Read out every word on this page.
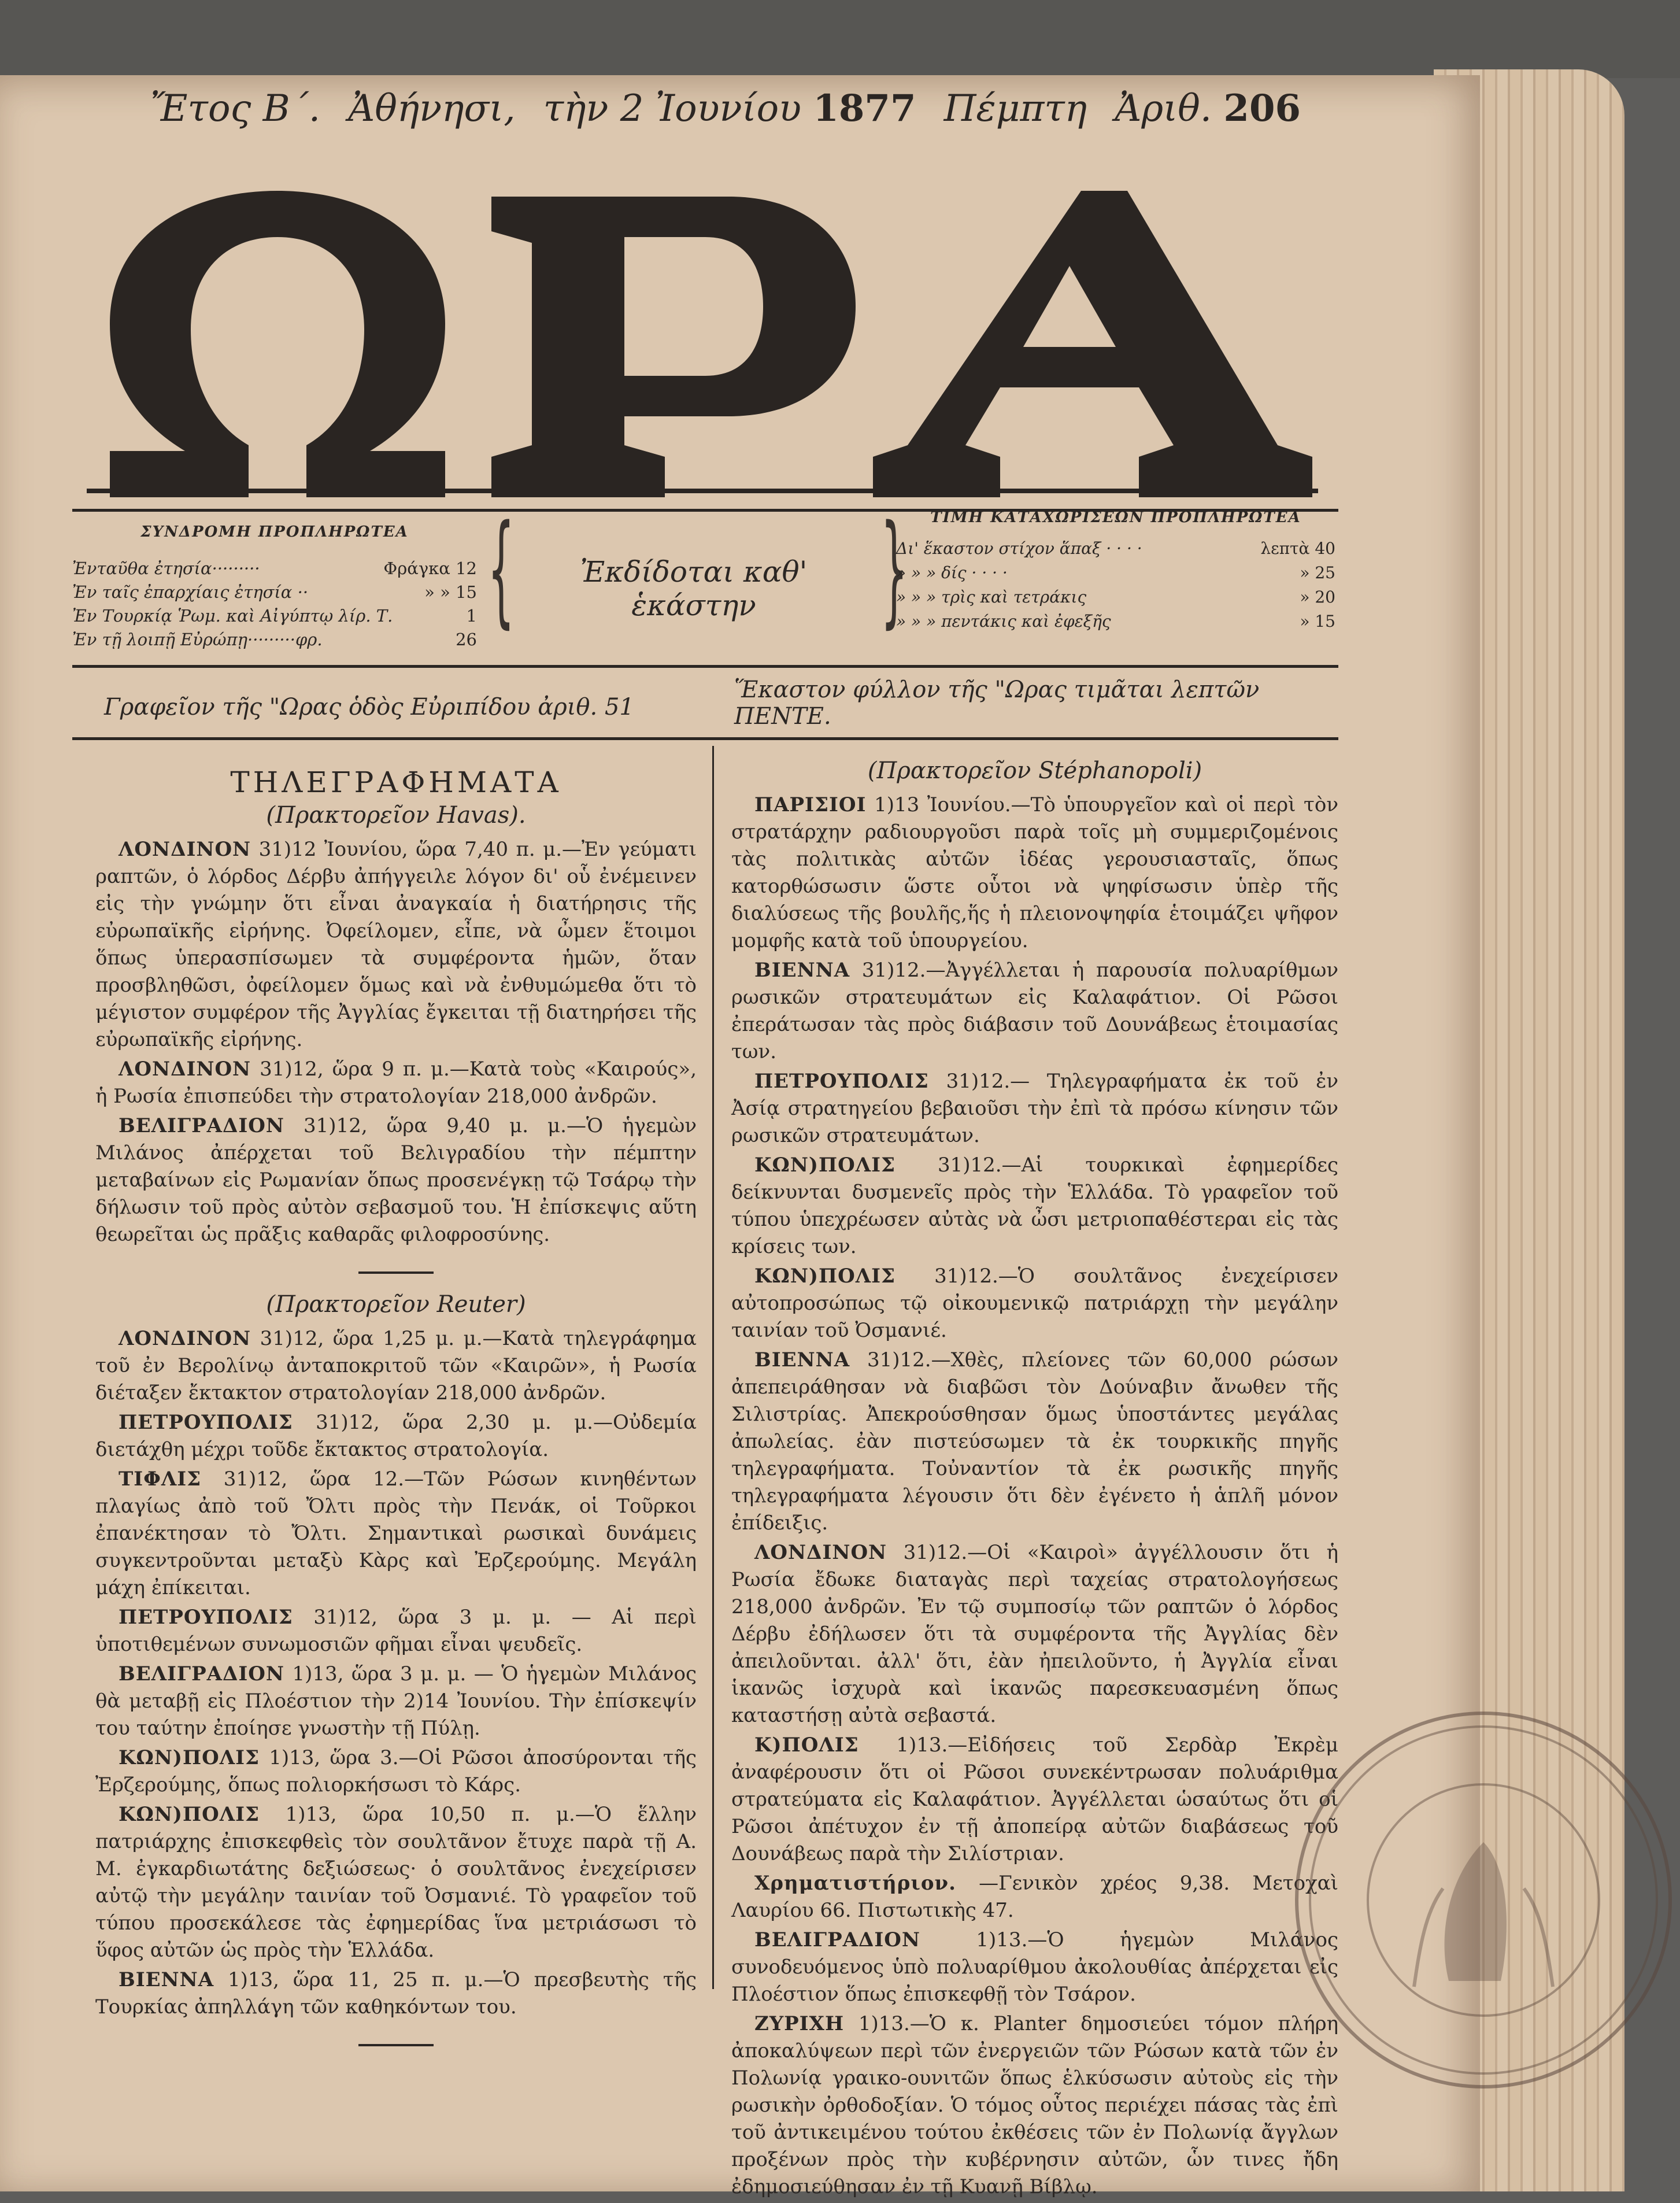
Ἔτος Β΄. Ἀθήνησι, τὴν 2 Ἰουνίου 1877 Πέμπτη Ἀριθ. 206
ΣΥΝΔΡΟΜΗ ΠΡΟΠΛΗΡΩΤΕΑ
Ἐνταῦθα ἐτησία·········	Φράγκα 12
Ἐν ταῖς ἐπαρχίαις ἐτησία ··	» » 15
Ἐν Τουρκίᾳ Ῥωμ. καὶ Αἰγύπτῳ λίρ. Τ.	1
Ἐν τῇ λοιπῇ Εὐρώπῃ·········φρ.	26 {	Ἐκδίδοται καθ' ἑκάστην	}	ΤΙΜΗ ΚΑΤΑΧΩΡΙΣΕΩΝ ΠΡΟΠΛΗΡΩΤΕΑ
Δι' ἕκαστον στίχον ἅπαξ · · · ·	λεπτὰ 40
» » » δίς · · · ·	» 25
» » » τρὶς καὶ τετράκις	» 20
» » » πεντάκις καὶ ἐφεξῆς	» 15
Γραφεῖον τῆς "Ωρας ὁδὸς Εὐριπίδου ἀριθ. 51
Ἕκαστον φύλλον τῆς "Ωρας τιμᾶται λεπτῶν ΠΕΝΤΕ.
ΤΗΛΕΓΡΑΦΗΜΑΤΑ
(Πρακτορεῖον Havas).

ΛΟΝΔΙΝΟΝ 31)12 Ἰουνίου, ὥρα 7,40 π. μ.—Ἐν γεύματι ραπτῶν, ὁ λόρδος Δέρβυ ἀπήγγειλε λόγον δι' οὗ ἐνέμεινεν εἰς τὴν γνώμην ὅτι εἶναι ἀναγκαία ἡ διατήρησις τῆς εὐρωπαϊκῆς εἰρήνης. Ὀφείλομεν, εἶπε, νὰ ὦμεν ἕτοιμοι ὅπως ὑπερασπίσωμεν τὰ συμφέροντα ἡμῶν, ὅταν προσβληθῶσι, ὀφείλομεν ὅμως καὶ νὰ ἐνθυμώμεθα ὅτι τὸ μέγιστον συμφέρον τῆς Ἀγγλίας ἔγκειται τῇ διατηρήσει τῆς εὐρωπαϊκῆς εἰρήνης.

ΛΟΝΔΙΝΟΝ 31)12, ὥρα 9 π. μ.—Κατὰ τοὺς «Καιρούς», ἡ Ρωσία ἐπισπεύδει τὴν στρατολογίαν 218,000 ἀνδρῶν.

ΒΕΛΙΓΡΑΔΙΟΝ 31)12, ὥρα 9,40 μ. μ.—Ὁ ἡγεμὼν Μιλάνος ἀπέρχεται τοῦ Βελιγραδίου τὴν πέμπτην μεταβαίνων εἰς Ρωμανίαν ὅπως προσενέγκῃ τῷ Τσάρῳ τὴν δήλωσιν τοῦ πρὸς αὐτὸν σεβασμοῦ του. Ἡ ἐπίσκεψις αὕτη θεωρεῖται ὡς πρᾶξις καθαρᾶς φιλοφροσύνης.

(Πρακτορεῖον Reuter)

ΛΟΝΔΙΝΟΝ 31)12, ὥρα 1,25 μ. μ.—Κατὰ τηλεγράφημα τοῦ ἐν Βερολίνῳ ἀνταποκριτοῦ τῶν «Καιρῶν», ἡ Ρωσία διέταξεν ἔκτακτον στρατολογίαν 218,000 ἀνδρῶν.

ΠΕΤΡΟΥΠΟΛΙΣ 31)12, ὥρα 2,30 μ. μ.—Οὐδεμία διετάχθη μέχρι τοῦδε ἔκτακτος στρατολογία.

ΤΙΦΛΙΣ 31)12, ὥρα 12.—Τῶν Ρώσων κινηθέντων πλαγίως ἀπὸ τοῦ Ὄλτι πρὸς τὴν Πενάκ, οἱ Τοῦρκοι ἐπανέκτησαν τὸ Ὄλτι. Σημαντικαὶ ρωσικαὶ δυνάμεις συγκεντροῦνται μεταξὺ Κὰρς καὶ Ἐρζερούμης. Μεγάλη μάχη ἐπίκειται.

ΠΕΤΡΟΥΠΟΛΙΣ 31)12, ὥρα 3 μ. μ. — Αἱ περὶ ὑποτιθεμένων συνωμοσιῶν φῆμαι εἶναι ψευδεῖς.

ΒΕΛΙΓΡΑΔΙΟΝ 1)13, ὥρα 3 μ. μ. — Ὁ ἡγεμὼν Μιλάνος θὰ μεταβῇ εἰς Πλοέστιον τὴν 2)14 Ἰουνίου. Τὴν ἐπίσκεψίν του ταύτην ἐποίησε γνωστὴν τῇ Πύλῃ.

ΚΩΝ)ΠΟΛΙΣ 1)13, ὥρα 3.—Οἱ Ρῶσοι ἀποσύρονται τῆς Ἐρζερούμης, ὅπως πολιορκήσωσι τὸ Κάρς.

ΚΩΝ)ΠΟΛΙΣ 1)13, ὥρα 10,50 π. μ.—Ὁ ἕλλην πατριάρχης ἐπισκεφθεὶς τὸν σουλτᾶνον ἔτυχε παρὰ τῇ Α. Μ. ἐγκαρδιωτάτης δεξιώσεως· ὁ σουλτᾶνος ἐνεχείρισεν αὐτῷ τὴν μεγάλην ταινίαν τοῦ Ὀσμανιέ. Τὸ γραφεῖον τοῦ τύπου προσεκάλεσε τὰς ἐφημερίδας ἵνα μετριάσωσι τὸ ὕφος αὐτῶν ὡς πρὸς τὴν Ἑλλάδα.

ΒΙΕΝΝΑ 1)13, ὥρα 11, 25 π. μ.—Ὁ πρεσβευτὴς τῆς Τουρκίας ἀπηλλάγη τῶν καθηκόντων του.

(Πρακτορεῖον Stéphanopoli)

ΠΑΡΙΣΙΟΙ 1)13 Ἰουνίου.—Τὸ ὑπουργεῖον καὶ οἱ περὶ τὸν στρατάρχην ραδιουργοῦσι παρὰ τοῖς μὴ συμμεριζομένοις τὰς πολιτικὰς αὐτῶν ἰδέας γερουσιασταῖς, ὅπως κατορθώσωσιν ὥστε οὗτοι νὰ ψηφίσωσιν ὑπὲρ τῆς διαλύσεως τῆς βουλῆς,ἥς ἡ πλειονοψηφία ἑτοιμάζει ψῆφον μομφῆς κατὰ τοῦ ὑπουργείου.

ΒΙΕΝΝΑ 31)12.—Ἀγγέλλεται ἡ παρουσία πολυαρίθμων ρωσικῶν στρατευμάτων εἰς Καλαφάτιον. Οἱ Ρῶσοι ἐπεράτωσαν τὰς πρὸς διάβασιν τοῦ Δουνάβεως ἑτοιμασίας των.

ΠΕΤΡΟΥΠΟΛΙΣ 31)12.— Τηλεγραφήματα ἐκ τοῦ ἐν Ἀσίᾳ στρατηγείου βεβαιοῦσι τὴν ἐπὶ τὰ πρόσω κίνησιν τῶν ρωσικῶν στρατευμάτων.

ΚΩΝ)ΠΟΛΙΣ 31)12.—Αἱ τουρκικαὶ ἐφημερίδες δείκνυνται δυσμενεῖς πρὸς τὴν Ἑλλάδα. Τὸ γραφεῖον τοῦ τύπου ὑπεχρέωσεν αὐτὰς νὰ ὦσι μετριοπαθέστεραι εἰς τὰς κρίσεις των.

ΚΩΝ)ΠΟΛΙΣ 31)12.—Ὁ σουλτᾶνος ἐνεχείρισεν αὐτοπροσώπως τῷ οἰκουμενικῷ πατριάρχῃ τὴν μεγάλην ταινίαν τοῦ Ὀσμανιέ.

ΒΙΕΝΝΑ 31)12.—Χθὲς, πλείονες τῶν 60,000 ρώσων ἀπεπειράθησαν νὰ διαβῶσι τὸν Δούναβιν ἄνωθεν τῆς Σιλιστρίας. Ἀπεκρούσθησαν ὅμως ὑποστάντες μεγάλας ἀπωλείας. ἐὰν πιστεύσωμεν τὰ ἐκ τουρκικῆς πηγῆς τηλεγραφήματα. Τοὐναντίον τὰ ἐκ ρωσικῆς πηγῆς τηλεγραφήματα λέγουσιν ὅτι δὲν ἐγένετο ἡ ἁπλῆ μόνον ἐπίδειξις.

ΛΟΝΔΙΝΟΝ 31)12.—Οἱ «Καιροὶ» ἀγγέλλουσιν ὅτι ἡ Ρωσία ἔδωκε διαταγὰς περὶ ταχείας στρατολογήσεως 218,000 ἀνδρῶν. Ἐν τῷ συμποσίῳ τῶν ραπτῶν ὁ λόρδος Δέρβυ ἐδήλωσεν ὅτι τὰ συμφέροντα τῆς Ἀγγλίας δὲν ἀπειλοῦνται. ἀλλ' ὅτι, ἐὰν ἠπειλοῦντο, ἡ Ἀγγλία εἶναι ἱκανῶς ἰσχυρὰ καὶ ἱκανῶς παρεσκευασμένη ὅπως καταστήσῃ αὐτὰ σεβαστά.

Κ)ΠΟΛΙΣ 1)13.—Εἰδήσεις τοῦ Σερδὰρ Ἐκρὲμ ἀναφέρουσιν ὅτι οἱ Ρῶσοι συνεκέντρωσαν πολυάριθμα στρατεύματα εἰς Καλαφάτιον. Ἀγγέλλεται ὡσαύτως ὅτι οἱ Ρῶσοι ἀπέτυχον ἐν τῇ ἀποπείρᾳ αὐτῶν διαβάσεως τοῦ Δουνάβεως παρὰ τὴν Σιλίστριαν.

Χρηματιστήριον. —Γενικὸν χρέος 9,38. Μετοχαὶ Λαυρίου 66. Πιστωτικὴς 47.

ΒΕΛΙΓΡΑΔΙΟΝ	1)13.—Ὁ ἡγεμὼν Μιλάνος συνοδευόμενος ὑπὸ πολυαρίθμου ἀκολουθίας ἀπέρχεται εἰς Πλοέστιον ὅπως ἐπισκεφθῇ τὸν Τσάρον.

ΖΥΡΙΧΗ 1)13.—Ὁ κ. Planter δημοσιεύει τόμον πλήρη ἀποκαλύψεων περὶ τῶν ἐνεργειῶν τῶν Ρώσων κατὰ τῶν ἐν Πολωνίᾳ γραικο-ουνιτῶν ὅπως ἑλκύσωσιν αὐτοὺς εἰς τὴν ρωσικὴν ὀρθοδοξίαν. Ὁ τόμος οὗτος περιέχει πάσας τὰς ἐπὶ τοῦ ἀντικειμένου τούτου ἐκθέσεις τῶν ἐν Πολωνίᾳ ἄγγλων προξένων πρὸς τὴν κυβέρνησιν αὐτῶν, ὧν τινες ἤδη ἐδημοσιεύθησαν ἐν τῇ Κυανῇ Βίβλῳ.
